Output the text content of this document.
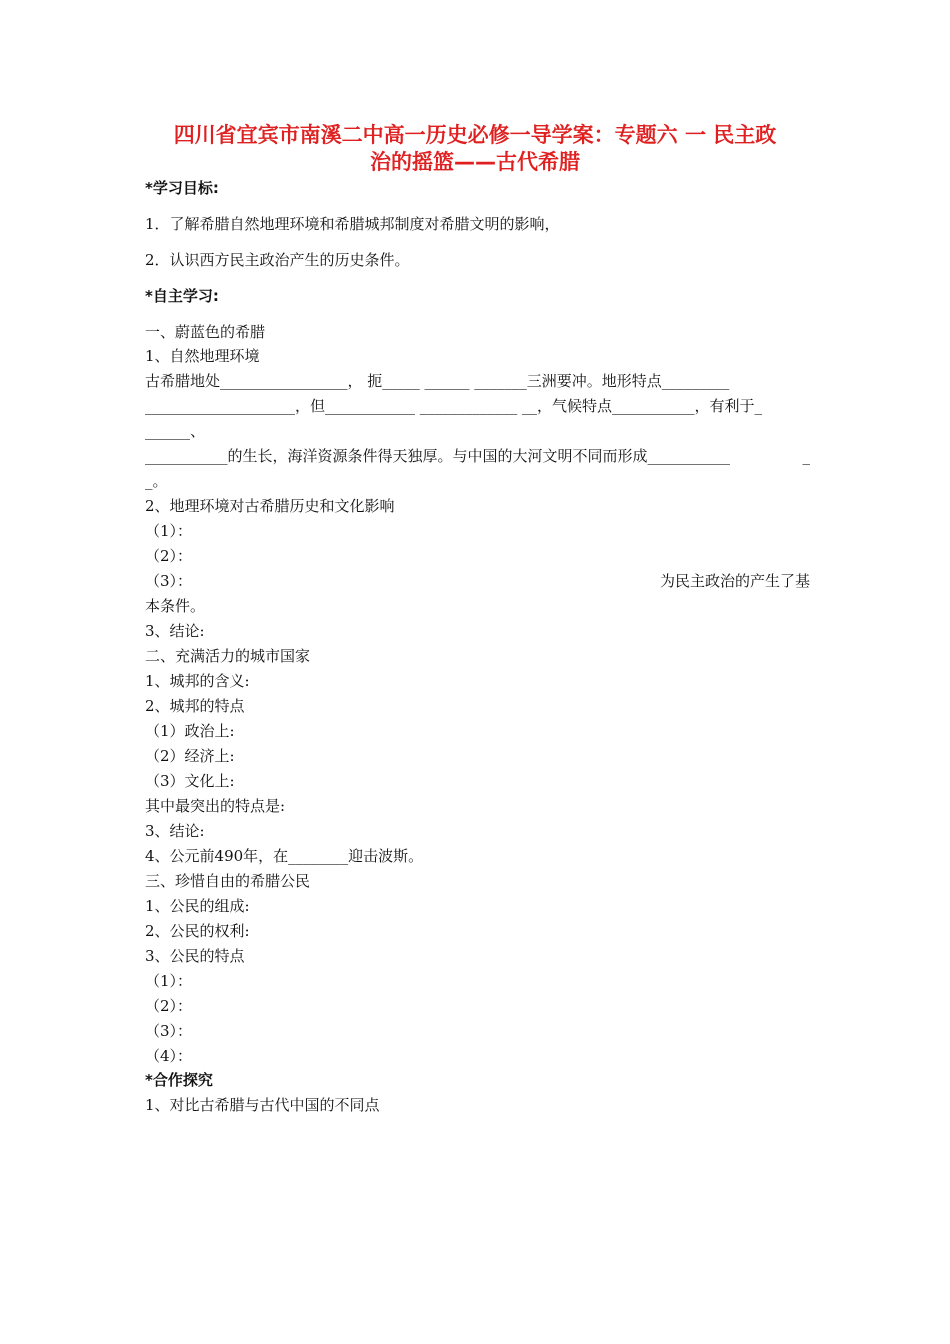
四川省宜宾市南溪二中高一历史必修一导学案：专题六 一 民主政
治的摇篮——古代希腊
*学习目标:
1．了解希腊自然地理环境和希腊城邦制度对希腊文明的影响，
2．认识西方民主政治产生的历史条件。
*自主学习:
一、蔚蓝色的希腊
1、自然地理环境
古希腊地处_________________， 扼_____ ______ _______三洲要冲。地形特点_________
____________________，但____________ _____________ __，气候特点___________，有利于_
______、
___________的生长，海洋资源条件得天独厚。与中国的大河文明不同而形成___________	_
_。
2、地理环境对古希腊历史和文化影响
（1）：
（2）：
（3）：	为民主政治的产生了基
本条件。
3、结论:
二、充满活力的城市国家
1、城邦的含义:
2、城邦的特点
（1）政治上:
（2）经济上:
（3）文化上:
其中最突出的特点是:
3、结论:
4、公元前490年，在________迎击波斯。
三、珍惜自由的希腊公民
1、公民的组成:
2、公民的权利:
3、公民的特点
（1）：
（2）：
（3）：
（4）：
*合作探究
1、对比古希腊与古代中国的不同点
